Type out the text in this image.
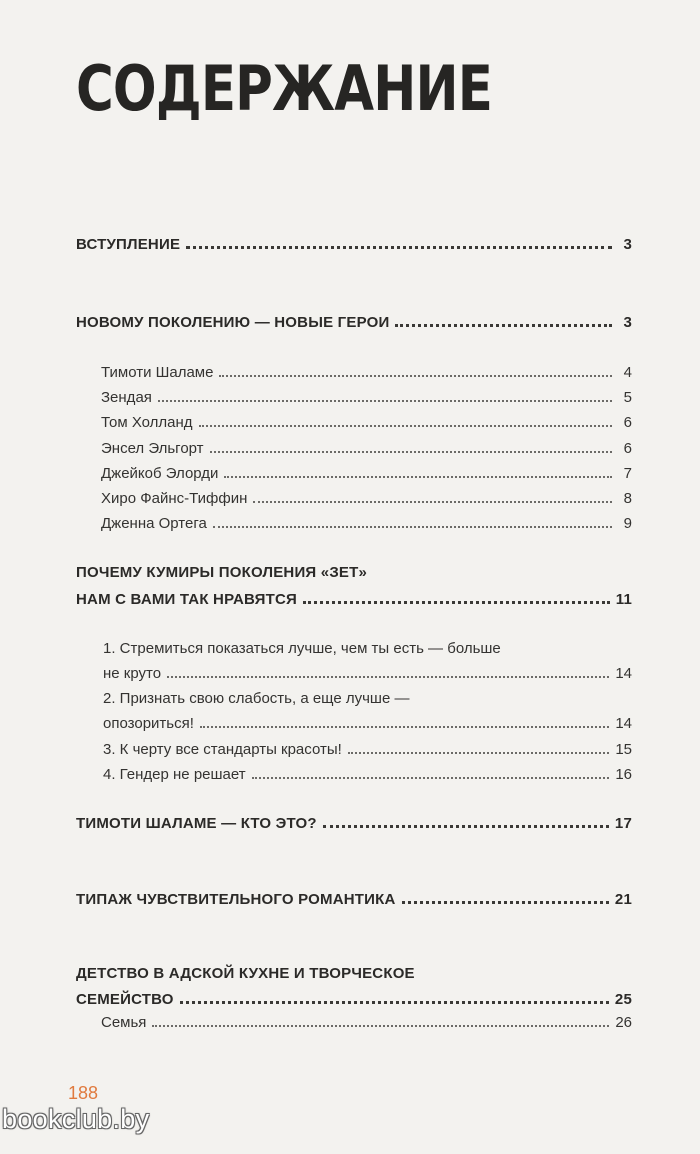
СОДЕРЖАНИЕ
ВСТУПЛЕНИЕ	3
НОВОМУ ПОКОЛЕНИЮ — НОВЫЕ ГЕРОИ	3
Тимоти Шаламе	4
Зендая	5
Том Холланд	6
Энсел Эльгорт	6
Джейкоб Элорди	7
Хиро Файнс-Тиффин	8
Дженна Ортега	9
ПОЧЕМУ КУМИРЫ ПОКОЛЕНИЯ «ЗЕТ»
НАМ С ВАМИ ТАК НРАВЯТСЯ	11
1. Стремиться показаться лучше, чем ты есть — больше
не круто	14
2. Признать свою слабость, а еще лучше —
опозориться!	14
3. К черту все стандарты красоты!	15
4. Гендер не решает	16
ТИМОТИ ШАЛАМЕ — КТО ЭТО?	17
ТИПАЖ ЧУВСТВИТЕЛЬНОГО РОМАНТИКА	21
ДЕТСТВО В АДСКОЙ КУХНЕ И ТВОРЧЕСКОЕ
СЕМЕЙСТВО	25
Семья	26
188
bookclub.by
